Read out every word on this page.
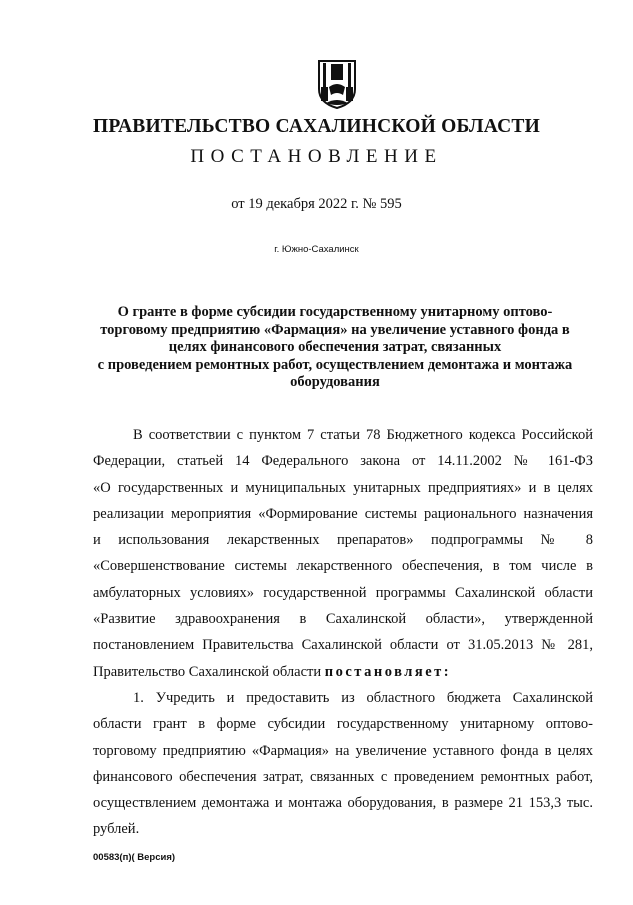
ПРАВИТЕЛЬСТВО САХАЛИНСКОЙ ОБЛАСТИ
ПОСТАНОВЛЕНИЕ
от 19 декабря 2022 г. № 595
г. Южно-Сахалинск
О гранте в форме субсидии государственному унитарному оптово-
торговому предприятию «Фармация» на увеличение уставного фонда в
целях финансового обеспечения затрат, связанных
с проведением ремонтных работ, осуществлением демонтажа и монтажа
оборудования
В соответствии с пунктом 7 статьи 78 Бюджетного кодекса Российской
Федерации, статьей 14 Федерального закона от 14.11.2002 № 161-ФЗ
«О государственных и муниципальных унитарных предприятиях» и в целях
реализации мероприятия «Формирование системы рационального назначения
и использования лекарственных препаратов» подпрограммы № 8
«Совершенствование системы лекарственного обеспечения, в том числе в
амбулаторных условиях» государственной программы Сахалинской области
«Развитие здравоохранения в Сахалинской области», утвержденной
постановлением Правительства Сахалинской области от 31.05.2013 № 281,
Правительство Сахалинской области постановляет:
1. Учредить и предоставить из областного бюджета Сахалинской
области грант в форме субсидии государственному унитарному оптово-
торговому предприятию «Фармация» на увеличение уставного фонда в целях
финансового обеспечения затрат, связанных с проведением ремонтных работ,
осуществлением демонтажа и монтажа оборудования, в размере 21 153,3 тыс.
рублей.
00583(п)( Версия)
